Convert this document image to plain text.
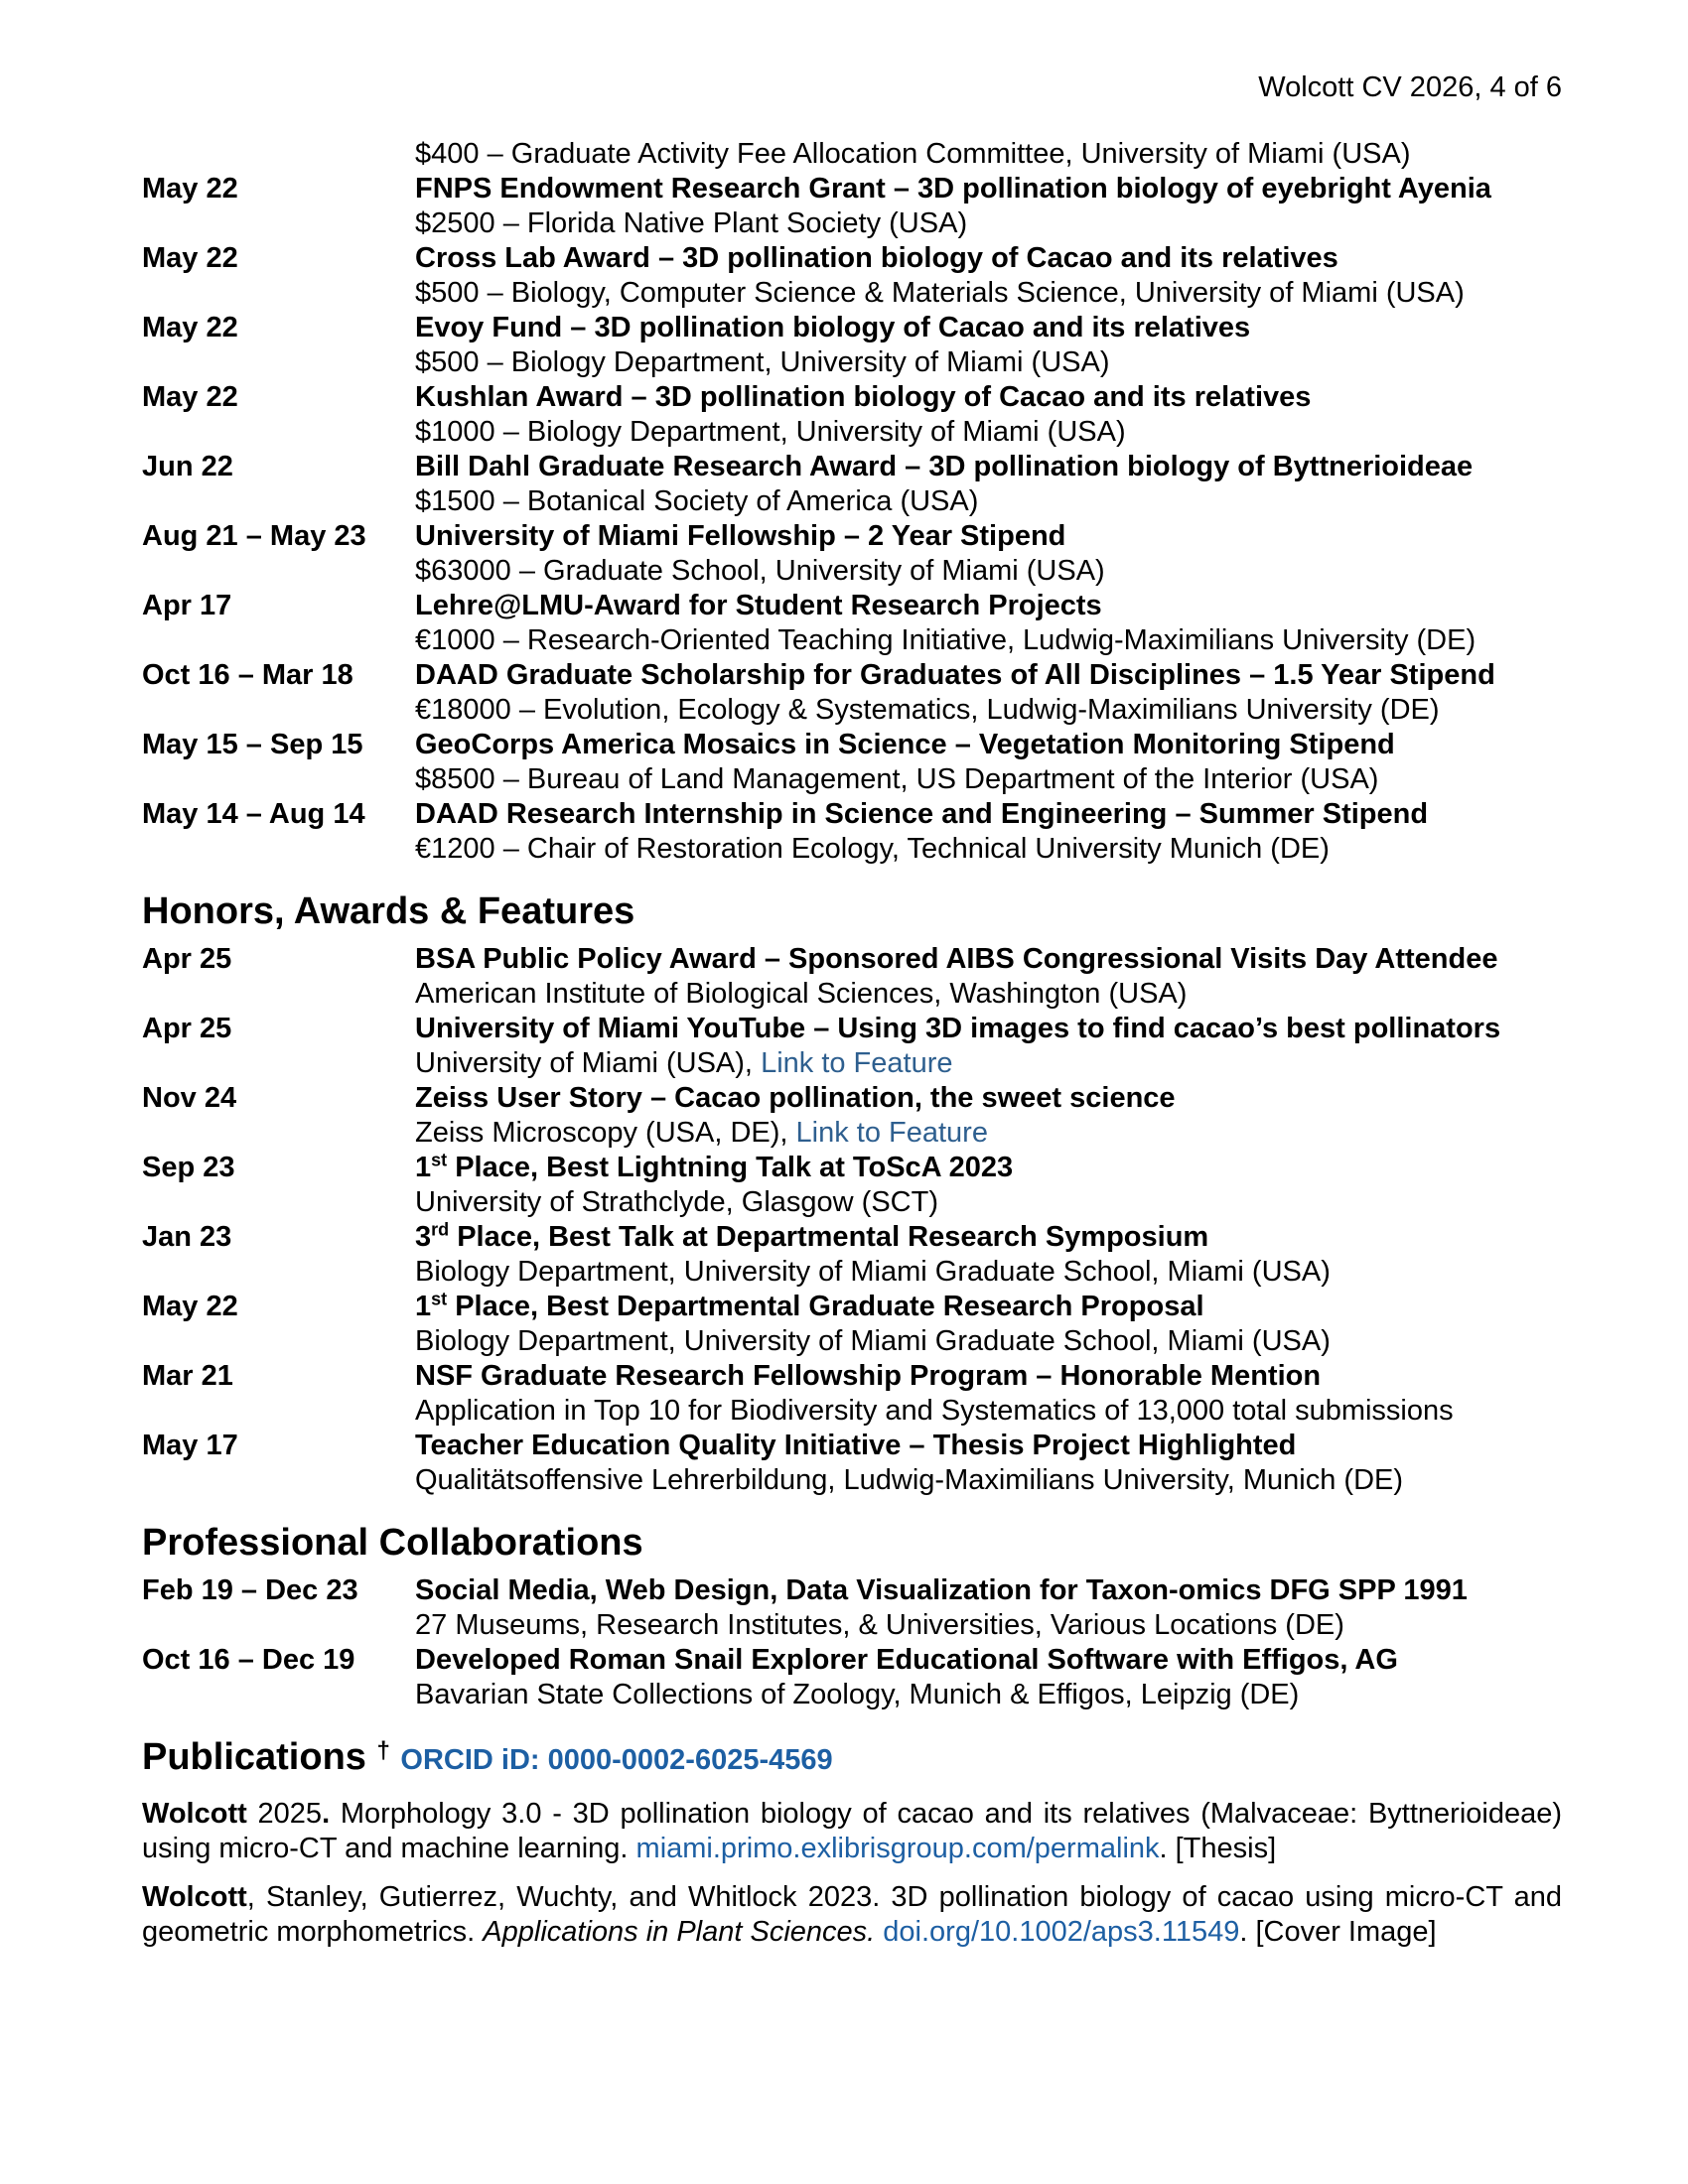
Wolcott CV 2026, 4 of 6
$400 – Graduate Activity Fee Allocation Committee, University of Miami (USA)
May 22	FNPS Endowment Research Grant – 3D pollination biology of eyebright Ayenia
$2500 – Florida Native Plant Society (USA)
May 22	Cross Lab Award – 3D pollination biology of Cacao and its relatives
$500 – Biology, Computer Science & Materials Science, University of Miami (USA)
May 22	Evoy Fund – 3D pollination biology of Cacao and its relatives
$500 – Biology Department, University of Miami (USA)
May 22	Kushlan Award – 3D pollination biology of Cacao and its relatives
$1000 – Biology Department, University of Miami (USA)
Jun 22	Bill Dahl Graduate Research Award – 3D pollination biology of Byttnerioideae
$1500 – Botanical Society of America (USA)
Aug 21 – May 23	University of Miami Fellowship – 2 Year Stipend
$63000 – Graduate School, University of Miami (USA)
Apr 17	Lehre@LMU-Award for Student Research Projects
€1000 – Research-Oriented Teaching Initiative, Ludwig-Maximilians University (DE)
Oct 16 – Mar 18	DAAD Graduate Scholarship for Graduates of All Disciplines – 1.5 Year Stipend
€18000 – Evolution, Ecology & Systematics, Ludwig-Maximilians University (DE)
May 15 – Sep 15	GeoCorps America Mosaics in Science – Vegetation Monitoring Stipend
$8500 – Bureau of Land Management, US Department of the Interior (USA)
May 14 – Aug 14	DAAD Research Internship in Science and Engineering – Summer Stipend
€1200 – Chair of Restoration Ecology, Technical University Munich (DE)
Honors, Awards & Features
Apr 25	BSA Public Policy Award – Sponsored AIBS Congressional Visits Day Attendee
American Institute of Biological Sciences, Washington (USA)
Apr 25	University of Miami YouTube – Using 3D images to find cacao’s best pollinators
University of Miami (USA), Link to Feature
Nov 24	Zeiss User Story – Cacao pollination, the sweet science
Zeiss Microscopy (USA, DE), Link to Feature
Sep 23	1st Place, Best Lightning Talk at ToScA 2023
University of Strathclyde, Glasgow (SCT)
Jan 23	3rd Place, Best Talk at Departmental Research Symposium
Biology Department, University of Miami Graduate School, Miami (USA)
May 22	1st Place, Best Departmental Graduate Research Proposal
Biology Department, University of Miami Graduate School, Miami (USA)
Mar 21	NSF Graduate Research Fellowship Program – Honorable Mention
Application in Top 10 for Biodiversity and Systematics of 13,000 total submissions
May 17	Teacher Education Quality Initiative – Thesis Project Highlighted
Qualitätsoffensive Lehrerbildung, Ludwig-Maximilians University, Munich (DE)
Professional Collaborations
Feb 19 – Dec 23	Social Media, Web Design, Data Visualization for Taxon-omics DFG SPP 1991
27 Museums, Research Institutes, & Universities, Various Locations (DE)
Oct 16 – Dec 19	Developed Roman Snail Explorer Educational Software with Effigos, AG
Bavarian State Collections of Zoology, Munich & Effigos, Leipzig (DE)
Publications † ORCID iD: 0000-0002-6025-4569
Wolcott 2025. Morphology 3.0 - 3D pollination biology of cacao and its relatives (Malvaceae: Byttnerioideae) using micro-CT and machine learning. miami.primo.exlibrisgroup.com/permalink. [Thesis]
Wolcott, Stanley, Gutierrez, Wuchty, and Whitlock 2023. 3D pollination biology of cacao using micro-CT and geometric morphometrics. Applications in Plant Sciences. doi.org/10.1002/aps3.11549. [Cover Image]
